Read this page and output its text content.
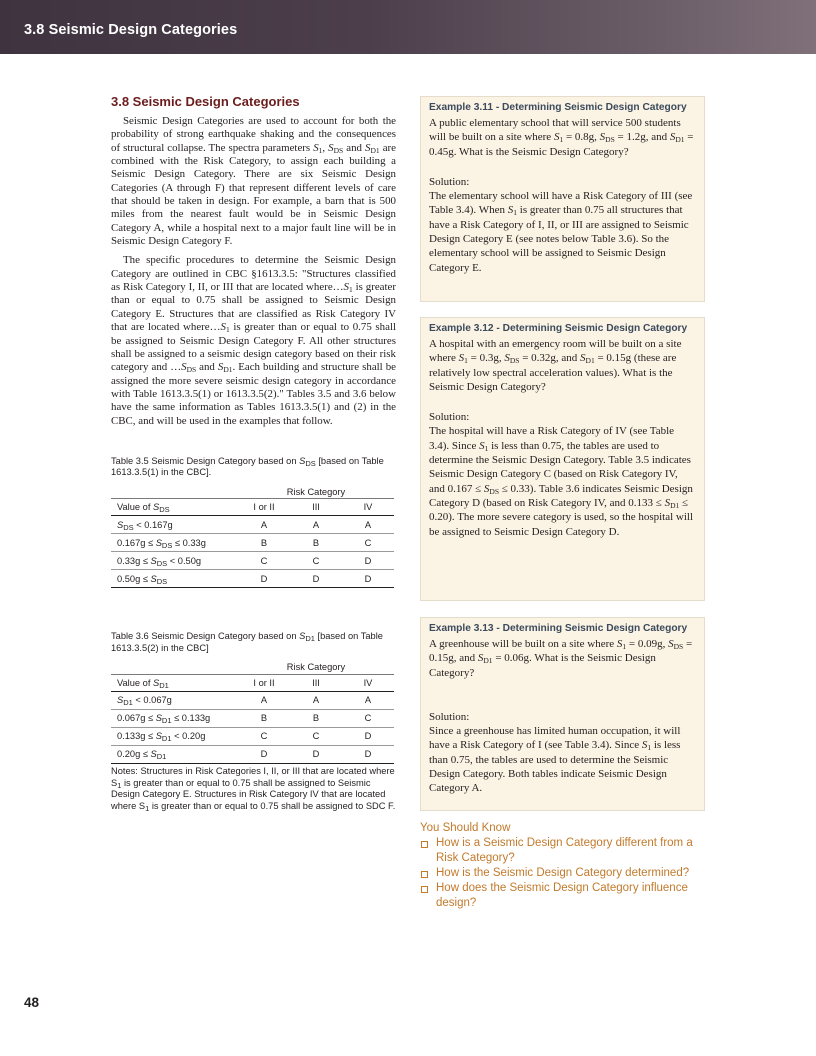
3.8 Seismic Design Categories
3.8 Seismic Design Categories

Seismic Design Categories are used to account for both the probability of strong earthquake shaking and the consequences of structural collapse. The spectra parameters $S_1$, $S_{DS}$ and $S_{D1}$ are combined with the Risk Category, to assign each building a Seismic Design Category. There are six Seismic Design Categories (A through F) that represent different levels of care that should be taken in design. For example, a barn that is 500 miles from the nearest fault would be in Seismic Design Category A, while a hospital next to a major fault line will be in Seismic Design Category F.

The specific procedures to determine the Seismic Design Category are outlined in CBC §1613.3.5: "Structures classified as Risk Category I, II, or III that are located $where\dots S_1$ is greater than or equal to 0.75 shall be assigned to Seismic Design Category E. Structures that are classified as Risk Category IV that are located $where\dots S_1$ is greater than or equal to 0.75 shall be assigned to Seismic Design Category F. All other structures shall be assigned to a seismic design category based on their risk category and $\dots S_{DS}$ and $S_{D1}$. Each building and structure shall be assigned the more severe seismic design category in accordance with Table 1613.3.5(1) or 1613.3.5(2)." Tables 3.5 and 3.6 below have the same information as Tables 1613.3.5(1) and (2) in the CBC, and will be used in the examples that follow.

Table 3.5 Seismic Design Category based on $S_{DS}$ [based on Table 1613.3.5(1) in the CBC].
	Risk Category		
Value of $S_{DS}$	I or II	III	IV
$S_{DS} < 0.167g$	A	A	A
$0.167g \le S_{DS} \le 0.33g$	B	B	C
$0.33g \le S_{DS} < 0.50g$	C	C	D
$0.50g \le S_{DS}$	D	D	D
Table 3.6 Seismic Design Category based on $S_{D1}$ [based on Table 1613.3.5(2) in the CBC]
	Risk Category		
Value of $S_{D1}$	I or II	III	IV
$S_{D1} < 0.067g$	A	A	A
$0.067g \le S_{D1} \le 0.133g$	B	B	C
$0.133g \le S_{D1} < 0.20g$	C	C	D
$0.20g \le S_{D1}$	D	D	D
Notes: Structures in Risk Categories I, II, or III that are located where $S_1$ is greater than or equal to 0.75 shall be assigned to Seismic Design Category E. Structures in Risk Category IV that are located where $S_1$ is greater than or equal to 0.75 shall be assigned to SDC F.
Example 3.11 - Determining Seismic Design Category
A public elementary school that will service 500 students will be built on a site where $S_1 = 0.8g$, $S_{DS} = 1.2g$, and $S_{D1} = 0.45g$. What is the Seismic Design Category?
Solution:
The elementary school will have a Risk Category of III (see Table 3.4). When $S_1$ is greater than 0.75 all structures that have a Risk Category of I, II, or III are assigned to Seismic Design Category E (see notes below Table 3.6). So the elementary school will be assigned to Seismic Design Category E.
Example 3.12 - Determining Seismic Design Category
A hospital with an emergency room will be built on a site where $S_1 = 0.3g$, $S_{DS} = 0.32g$, and $S_{D1} = 0.15g$ (these are relatively low spectral acceleration values). What is the Seismic Design Category?
Solution:
The hospital will have a Risk Category of IV (see Table 3.4). Since $S_1$ is less than 0.75, the tables are used to determine the Seismic Design Category. Table 3.5 indicates Seismic Design Category C (based on Risk Category IV, and $0.167 \le S_{DS} \le 0.33$). Table 3.6 indicates Seismic Design Category D (based on Risk Category IV, and $0.133 \le S_{D1} \le 0.20$). The more severe category is used, so the hospital will be assigned to Seismic Design Category D.
Example 3.13 - Determining Seismic Design Category
A greenhouse will be built on a site where $S_1 = 0.09g$, $S_{DS} = 0.15g$, and $S_{D1} = 0.06g$. What is the Seismic Design Category?
Solution:
Since a greenhouse has limited human occupation, it will have a Risk Category of I (see Table 3.4). Since $S_1$ is less than 0.75, the tables are used to determine the Seismic Design Category. Both tables indicate Seismic Design Category A.
You Should Know
How is a Seismic Design Category different from a Risk Category?
How is the Seismic Design Category determined?
How does the Seismic Design Category influence design?
48
